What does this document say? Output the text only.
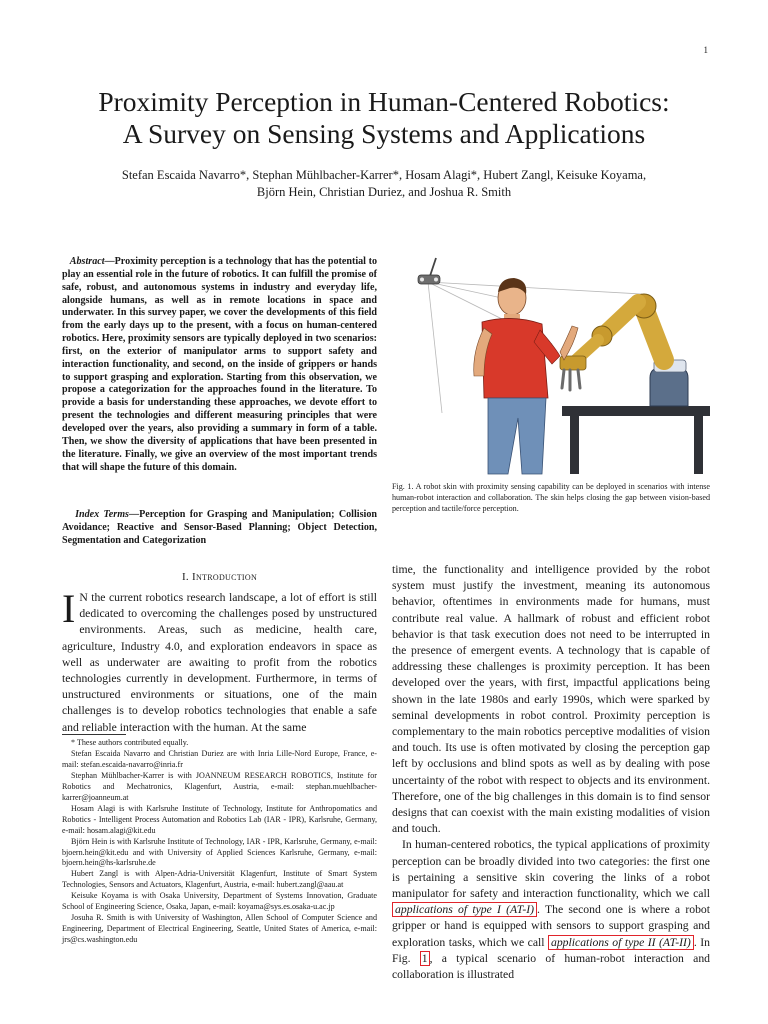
1
Proximity Perception in Human-Centered Robotics:
A Survey on Sensing Systems and Applications
Stefan Escaida Navarro*, Stephan Mühlbacher-Karrer*, Hosam Alagi*, Hubert Zangl, Keisuke Koyama,
Björn Hein, Christian Duriez, and Joshua R. Smith
Abstract—Proximity perception is a technology that has the potential to play an essential role in the future of robotics. It can fulfill the promise of safe, robust, and autonomous systems in industry and everyday life, alongside humans, as well as in remote locations in space and underwater. In this survey paper, we cover the developments of this field from the early days up to the present, with a focus on human-centered robotics. Here, proximity sensors are typically deployed in two scenarios: first, on the exterior of manipulator arms to support safety and interaction functionality, and second, on the inside of grippers or hands to support grasping and exploration. Starting from this observation, we propose a categorization for the approaches found in the literature. To provide a basis for understanding these approaches, we devote effort to present the technologies and different measuring principles that were developed over the years, also providing a summary in form of a table. Then, we show the diversity of applications that have been presented in the literature. Finally, we give an overview of the most important trends that will shape the future of this domain.
Index Terms—Perception for Grasping and Manipulation; Collision Avoidance; Reactive and Sensor-Based Planning; Object Detection, Segmentation and Categorization
I. Introduction
I N the current robotics research landscape, a lot of effort is still dedicated to overcoming the challenges posed by unstructured environments. Areas, such as medicine, health care, agriculture, Industry 4.0, and exploration endeavors in space as well as underwater are awaiting to profit from the robotics technologies currently in development. Furthermore, in terms of unstructured environments or situations, one of the main challenges is to develop robotics technologies that enable a safe and reliable interaction with the human. At the same

* These authors contributed equally.

Stefan Escaida Navarro and Christian Duriez are with Inria Lille-Nord Europe, France, e-mail: stefan.escaida-navarro@inria.fr

Stephan Mühlbacher-Karrer is with JOANNEUM RESEARCH ROBOTICS, Institute for Robotics and Mechatronics, Klagenfurt, Austria, e-mail: stephan.muehlbacher-karrer@joanneum.at

Hosam Alagi is with Karlsruhe Institute of Technology, Institute for Anthropomatics and Robotics - Intelligent Process Automation and Robotics Lab (IAR - IPR), Karlsruhe, Germany, e-mail: hosam.alagi@kit.edu

Björn Hein is with Karlsruhe Institute of Technology, IAR - IPR, Karlsruhe, Germany, e-mail: bjoern.hein@kit.edu and with University of Applied Sciences Karlsruhe, Germany, e-mail: bjoern.hein@hs-karlsruhe.de

Hubert Zangl is with Alpen-Adria-Universität Klagenfurt, Institute of Smart System Technologies, Sensors and Actuators, Klagenfurt, Austria, e-mail: hubert.zangl@aau.at

Keisuke Koyama is with Osaka University, Department of Systems Innovation, Graduate School of Engineering Science, Osaka, Japan, e-mail: koyama@sys.es.osaka-u.ac.jp

Josuha R. Smith is with University of Washington, Allen School of Computer Science and Engineering, Department of Electrical Engineering, Seattle, United States of America, e-mail: jrs@cs.washington.edu

Fig. 1. A robot skin with proximity sensing capability can be deployed in scenarios with intense human-robot interaction and collaboration. The skin helps closing the gap between vision-based perception and tactile/force perception.

time, the functionality and intelligence provided by the robot system must justify the investment, meaning its autonomous behavior, oftentimes in environments made for humans, must contribute real value. A hallmark of robust and efficient robot behavior is that task execution does not need to be interrupted in the presence of emergent events. A technology that is capable of addressing these challenges is proximity perception. It has been developed over the years, with first, impactful applications being shown in the late 1980s and early 1990s, which were sparked by seminal developments in robot control. Proximity perception is complementary to the main robotics perceptive modalities of vision and touch. Its use is often motivated by closing the perception gap left by occlusions and blind spots as well as by dealing with pose uncertainty of the robot with respect to objects and its environment. Therefore, one of the big challenges in this domain is to find sensor designs that can coexist with the main existing modalities of vision and touch.

In human-centered robotics, the typical applications of proximity perception can be broadly divided into two categories: the first one is pertaining a sensitive skin covering the links of a robot manipulator for safety and interaction functionality, which we call applications of type I (AT-I) . The second one is where a robot gripper or hand is equipped with sensors to support grasping and exploration tasks, which we call applications of type II (AT-II) . In Fig. 1 , a typical scenario of human-robot interaction and collaboration is illustrated
